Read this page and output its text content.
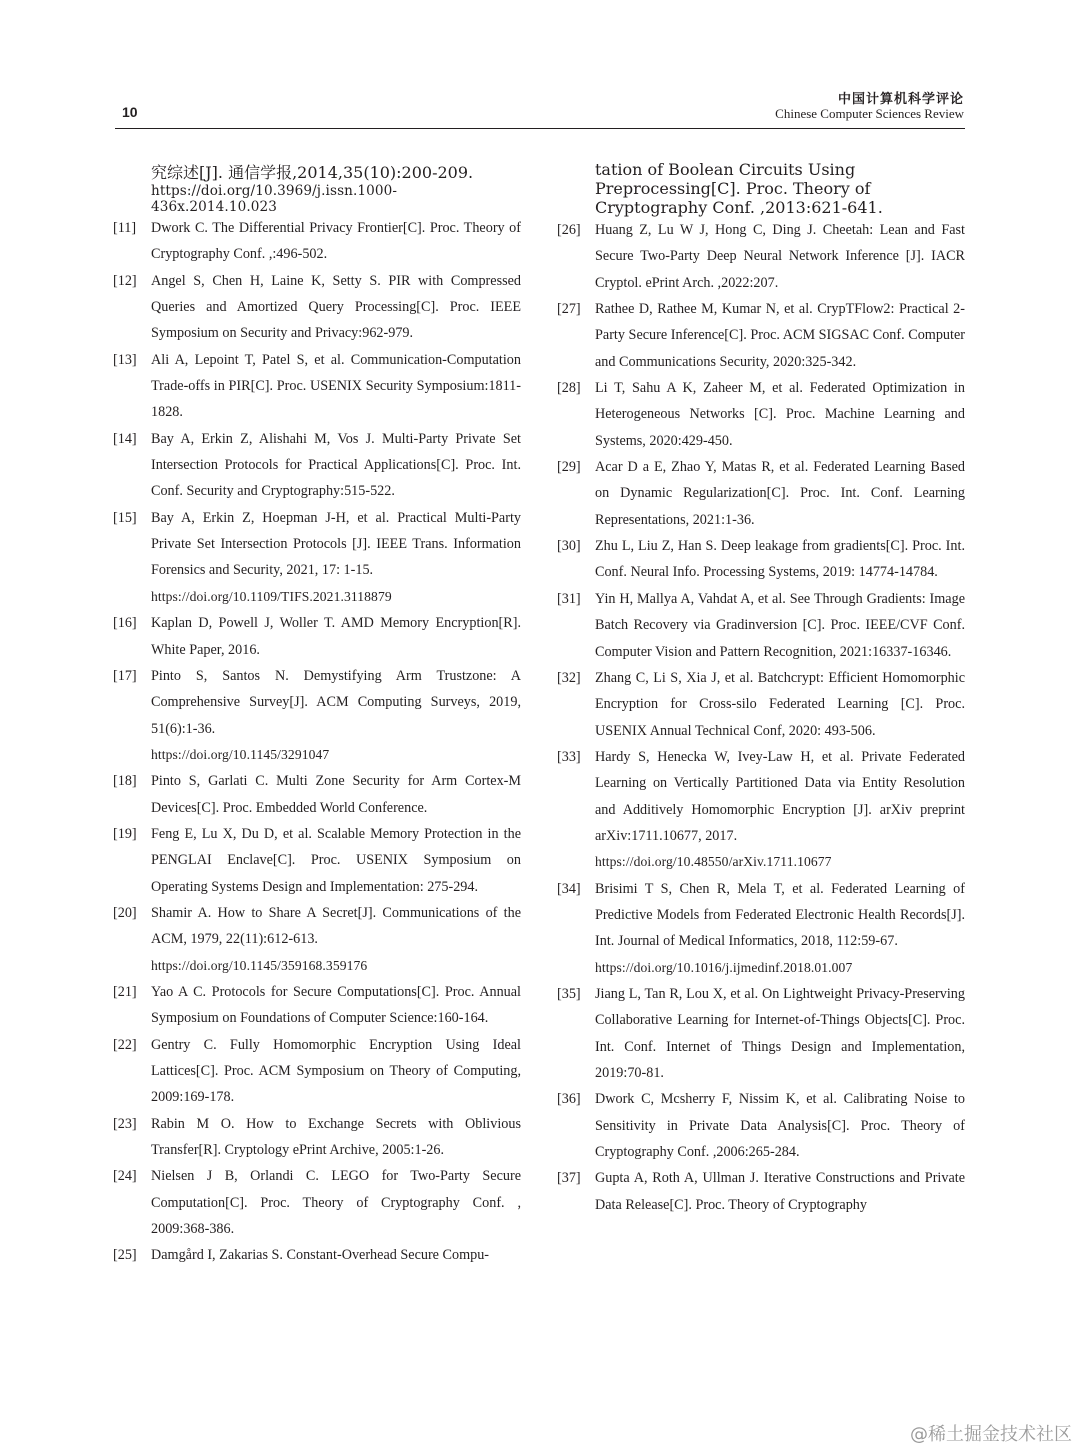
10
中国计算机科学评论
Chinese Computer Sciences Review
究综述[J]. 通信学报,2014,35(10):200-209.
https://doi.org/10.3969/j.issn.1000-436x.2014.10.023
[11] Dwork C. The Differential Privacy Frontier[C]. Proc. Theory of Cryptography Conf. ,:496-502.
[12] Angel S, Chen H, Laine K, Setty S. PIR with Compressed Queries and Amortized Query Processing[C]. Proc. IEEE Symposium on Security and Privacy:962-979.
[13] Ali A, Lepoint T, Patel S, et al. Communication-Computation Trade-offs in PIR[C]. Proc. USENIX Security Symposium:1811-1828.
[14] Bay A, Erkin Z, Alishahi M, Vos J. Multi-Party Private Set Intersection Protocols for Practical Applications[C]. Proc. Int. Conf. Security and Cryptography:515-522.
[15] Bay A, Erkin Z, Hoepman J-H, et al. Practical Multi-Party Private Set Intersection Protocols [J]. IEEE Trans. Information Forensics and Security, 2021, 17: 1-15.
https://doi.org/10.1109/TIFS.2021.3118879
[16] Kaplan D, Powell J, Woller T. AMD Memory Encryption[R]. White Paper, 2016.
[17] Pinto S, Santos N. Demystifying Arm Trustzone: A Comprehensive Survey[J]. ACM Computing Surveys, 2019, 51(6):1-36.
https://doi.org/10.1145/3291047
[18] Pinto S, Garlati C. Multi Zone Security for Arm Cortex-M Devices[C]. Proc. Embedded World Conference.
[19] Feng E, Lu X, Du D, et al. Scalable Memory Protection in the PENGLAI Enclave[C]. Proc. USENIX Symposium on Operating Systems Design and Implementation: 275-294.
[20] Shamir A. How to Share A Secret[J]. Communications of the ACM, 1979, 22(11):612-613.
https://doi.org/10.1145/359168.359176
[21] Yao A C. Protocols for Secure Computations[C]. Proc. Annual Symposium on Foundations of Computer Science:160-164.
[22] Gentry C. Fully Homomorphic Encryption Using Ideal Lattices[C]. Proc. ACM Symposium on Theory of Computing, 2009:169-178.
[23] Rabin M O. How to Exchange Secrets with Oblivious Transfer[R]. Cryptology ePrint Archive, 2005:1-26.
[24] Nielsen J B, Orlandi C. LEGO for Two-Party Secure Computation[C]. Proc. Theory of Cryptography Conf. , 2009:368-386.
[25] Damgård I, Zakarias S. Constant-Overhead Secure Compu-
tation of Boolean Circuits Using Preprocessing[C]. Proc. Theory of Cryptography Conf. ,2013:621-641.
[26] Huang Z, Lu W J, Hong C, Ding J. Cheetah: Lean and Fast Secure Two-Party Deep Neural Network Inference [J]. IACR Cryptol. ePrint Arch. ,2022:207.
[27] Rathee D, Rathee M, Kumar N, et al. CrypTFlow2: Practical 2-Party Secure Inference[C]. Proc. ACM SIGSAC Conf. Computer and Communications Security, 2020:325-342.
[28] Li T, Sahu A K, Zaheer M, et al. Federated Optimization in Heterogeneous Networks [C]. Proc. Machine Learning and Systems, 2020:429-450.
[29] Acar D a E, Zhao Y, Matas R, et al. Federated Learning Based on Dynamic Regularization[C]. Proc. Int. Conf. Learning Representations, 2021:1-36.
[30] Zhu L, Liu Z, Han S. Deep leakage from gradients[C]. Proc. Int. Conf. Neural Info. Processing Systems, 2019: 14774-14784.
[31] Yin H, Mallya A, Vahdat A, et al. See Through Gradients: Image Batch Recovery via Gradinversion [C]. Proc. IEEE/CVF Conf. Computer Vision and Pattern Recognition, 2021:16337-16346.
[32] Zhang C, Li S, Xia J, et al. Batchcrypt: Efficient Homomorphic Encryption for Cross-silo Federated Learning [C]. Proc. USENIX Annual Technical Conf, 2020: 493-506.
[33] Hardy S, Henecka W, Ivey-Law H, et al. Private Federated Learning on Vertically Partitioned Data via Entity Resolution and Additively Homomorphic Encryption [J]. arXiv preprint arXiv:1711.10677, 2017.
https://doi.org/10.48550/arXiv.1711.10677
[34] Brisimi T S, Chen R, Mela T, et al. Federated Learning of Predictive Models from Federated Electronic Health Records[J]. Int. Journal of Medical Informatics, 2018, 112:59-67.
https://doi.org/10.1016/j.ijmedinf.2018.01.007
[35] Jiang L, Tan R, Lou X, et al. On Lightweight Privacy-Preserving Collaborative Learning for Internet-of-Things Objects[C]. Proc. Int. Conf. Internet of Things Design and Implementation, 2019:70-81.
[36] Dwork C, Mcsherry F, Nissim K, et al. Calibrating Noise to Sensitivity in Private Data Analysis[C]. Proc. Theory of Cryptography Conf. ,2006:265-284.
[37] Gupta A, Roth A, Ullman J. Iterative Constructions and Private Data Release[C]. Proc. Theory of Cryptography
@稀土掘金技术社区
